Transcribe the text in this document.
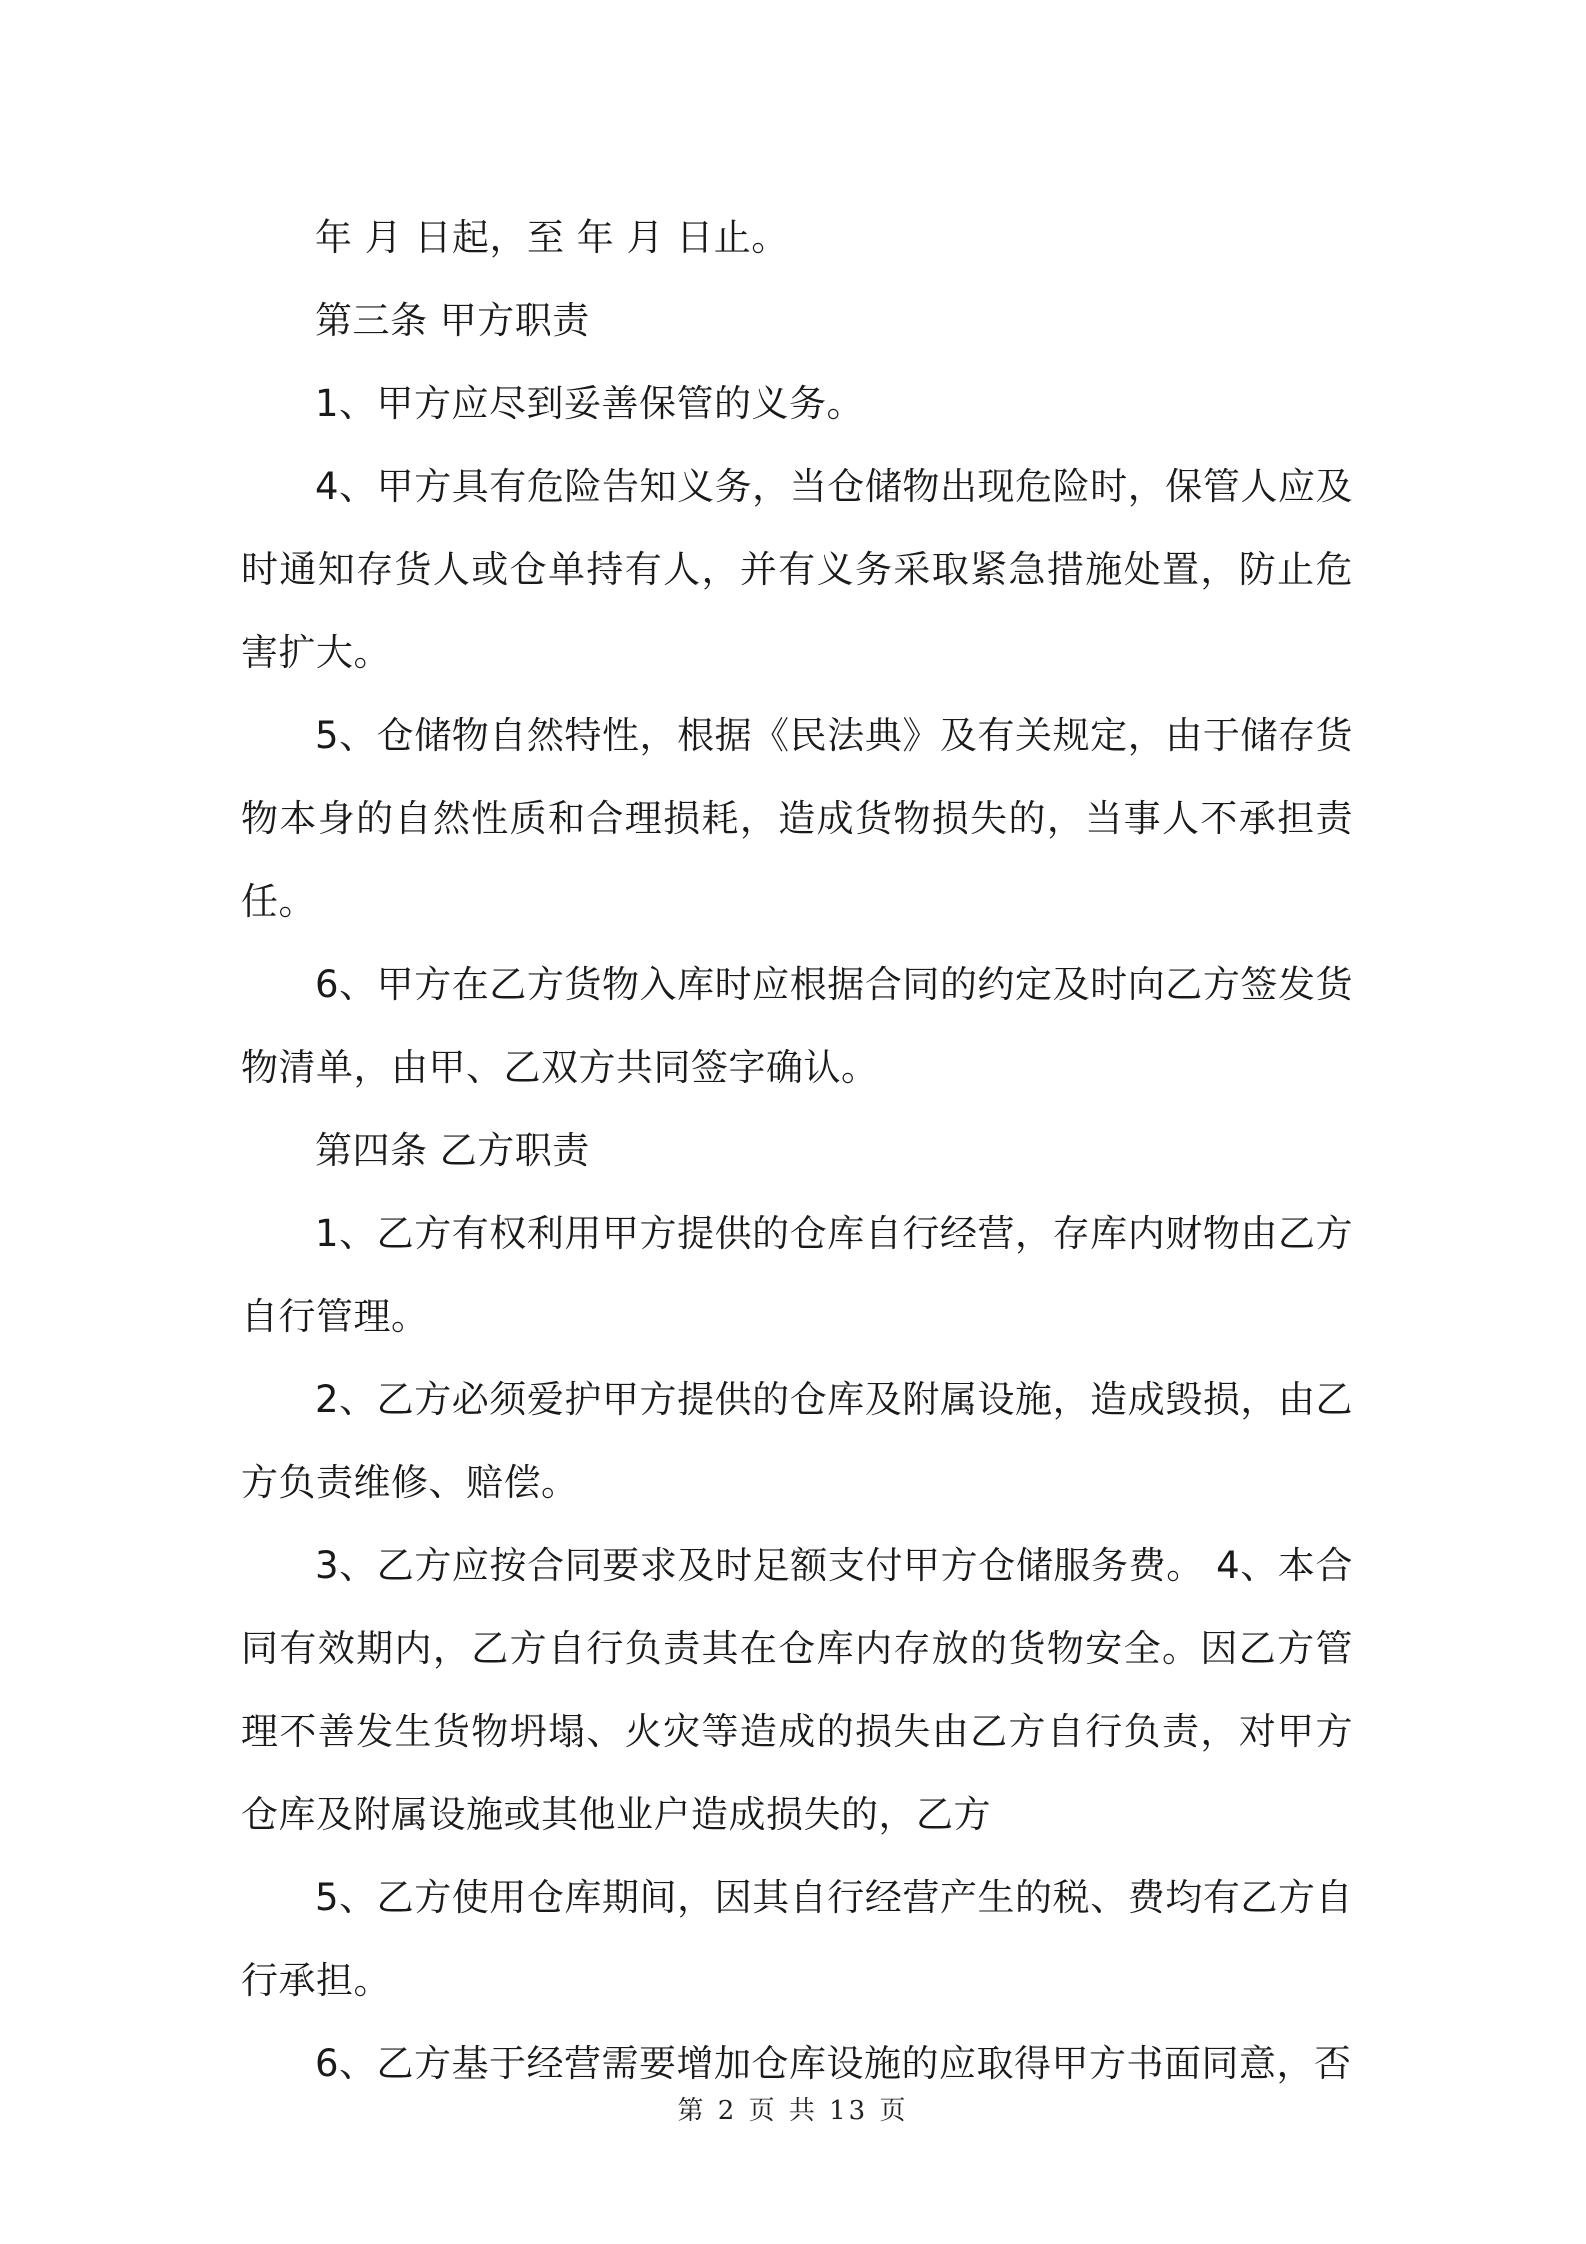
年 月 日起，至 年 月 日止。

第三条 甲方职责

1、甲方应尽到妥善保管的义务。

4、甲方具有危险告知义务，当仓储物出现危险时，保管人应及时通知存货人或仓单持有人，并有义务采取紧急措施处置，防止危害扩大。

5、仓储物自然特性，根据《民法典》及有关规定，由于储存货物本身的自然性质和合理损耗，造成货物损失的，当事人不承担责任。

6、甲方在乙方货物入库时应根据合同的约定及时向乙方签发货物清单，由甲、乙双方共同签字确认。

第四条 乙方职责

1、乙方有权利用甲方提供的仓库自行经营，存库内财物由乙方自行管理。

2、乙方必须爱护甲方提供的仓库及附属设施，造成毁损，由乙方负责维修、赔偿。

3、乙方应按合同要求及时足额支付甲方仓储服务费。 4、本合同有效期内，乙方自行负责其在仓库内存放的货物安全。因乙方管理不善发生货物坍塌、火灾等造成的损失由乙方自行负责，对甲方仓库及附属设施或其他业户造成损失的，乙方

5、乙方使用仓库期间，因其自行经营产生的税、费均有乙方自行承担。

6、乙方基于经营需要增加仓库设施的应取得甲方书面同意，否

第 2 页 共 13 页
